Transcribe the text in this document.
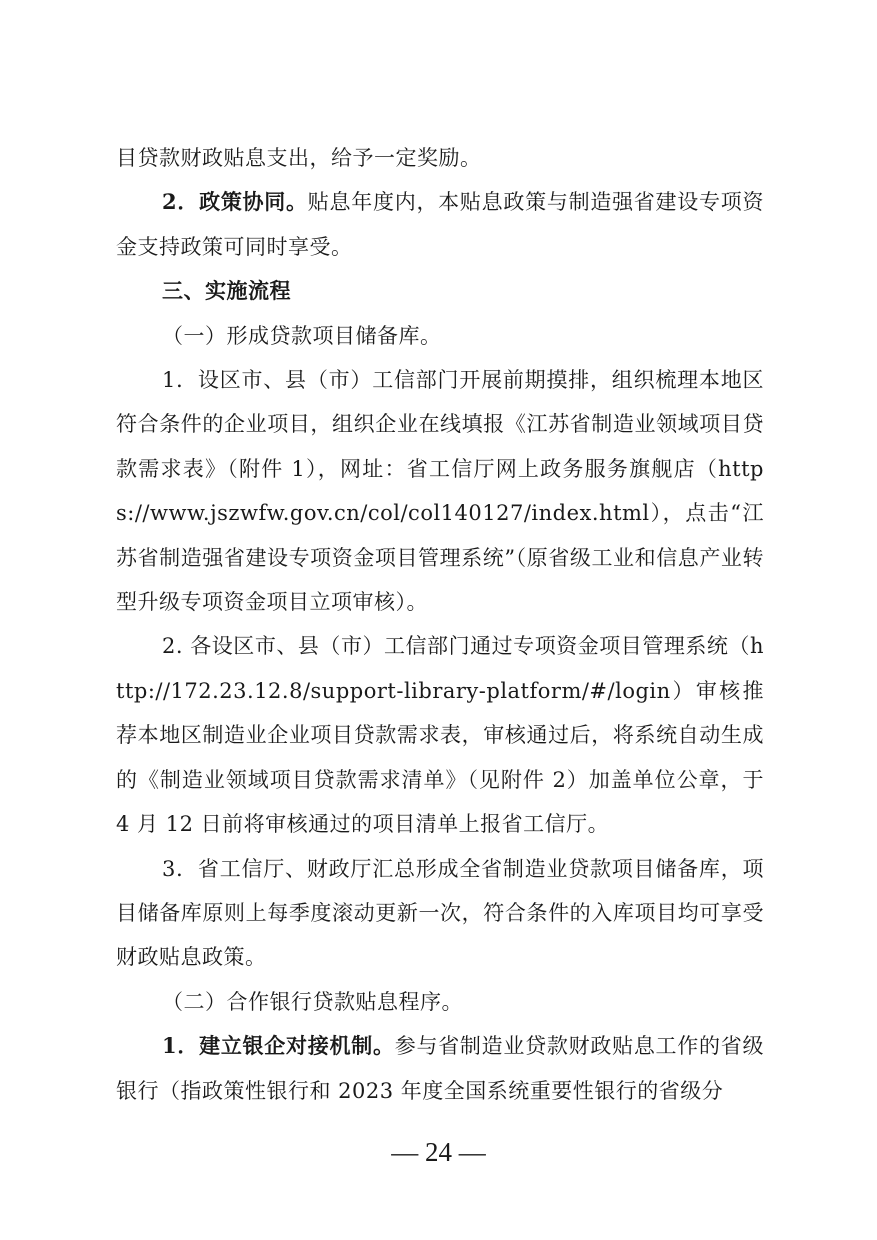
目贷款财政贴息支出，给予一定奖励。

2．政策协同。贴息年度内，本贴息政策与制造强省建设专项资金支持政策可同时享受。

三、实施流程

（一）形成贷款项目储备库。

1．设区市、县（市）工信部门开展前期摸排，组织梳理本地区符合条件的企业项目，组织企业在线填报《江苏省制造业领域项目贷款需求表》（附件 1），网址：省工信厅网上政务服务旗舰店（https://www.jszwfw.gov.cn/col/col140127/index.html），点击“江苏省制造强省建设专项资金项目管理系统”（原省级工业和信息产业转型升级专项资金项目立项审核）。

2. 各设区市、县（市）工信部门通过专项资金项目管理系统（http://172.23.12.8/support-library-platform/#/login）审核推荐本地区制造业企业项目贷款需求表，审核通过后，将系统自动生成的《制造业领域项目贷款需求清单》（见附件 2）加盖单位公章，于 4 月 12 日前将审核通过的项目清单上报省工信厅。

3．省工信厅、财政厅汇总形成全省制造业贷款项目储备库，项目储备库原则上每季度滚动更新一次，符合条件的入库项目均可享受财政贴息政策。

（二）合作银行贷款贴息程序。

1．建立银企对接机制。参与省制造业贷款财政贴息工作的省级银行（指政策性银行和 2023 年度全国系统重要性银行的省级分

— 24 —
